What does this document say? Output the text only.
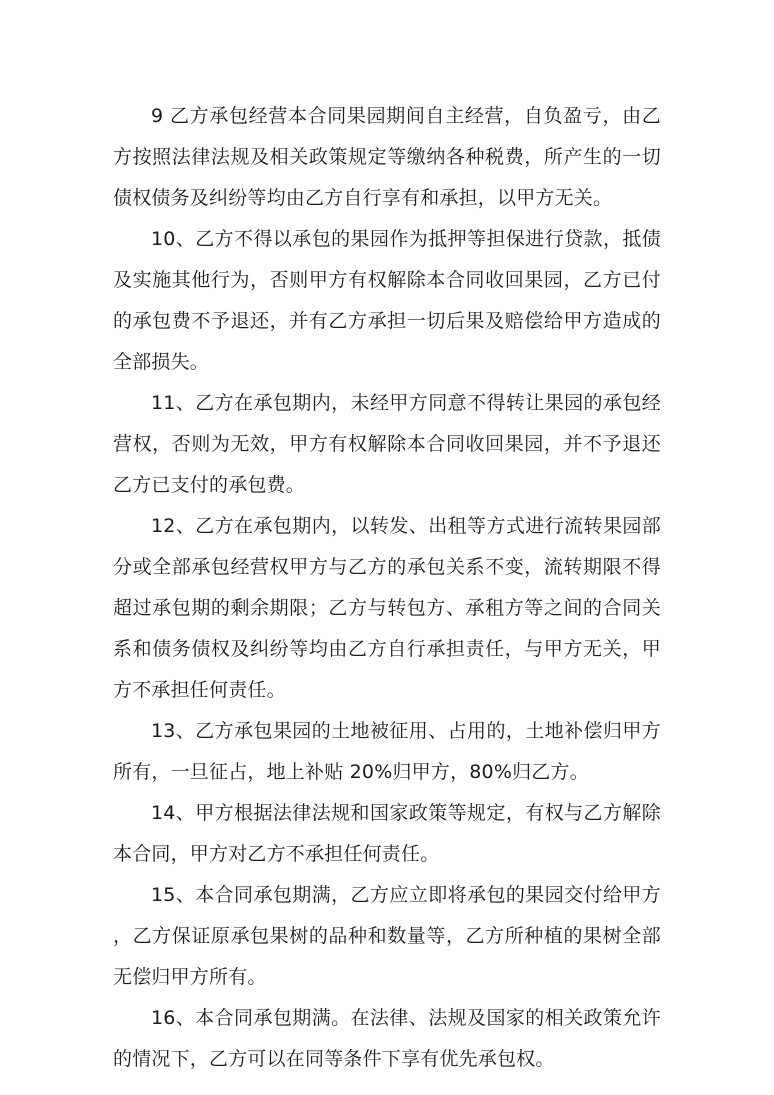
9 乙方承包经营本合同果园期间自主经营，自负盈亏，由乙方按照法律法规及相关政策规定等缴纳各种税费，所产生的一切债权债务及纠纷等均由乙方自行享有和承担，以甲方无关。

10、乙方不得以承包的果园作为抵押等担保进行贷款，抵债及实施其他行为，否则甲方有权解除本合同收回果园，乙方已付的承包费不予退还，并有乙方承担一切后果及赔偿给甲方造成的全部损失。

11、乙方在承包期内，未经甲方同意不得转让果园的承包经营权，否则为无效，甲方有权解除本合同收回果园，并不予退还乙方已支付的承包费。

12、乙方在承包期内，以转发、出租等方式进行流转果园部分或全部承包经营权甲方与乙方的承包关系不变，流转期限不得超过承包期的剩余期限；乙方与转包方、承租方等之间的合同关系和债务债权及纠纷等均由乙方自行承担责任，与甲方无关，甲方不承担任何责任。

13、乙方承包果园的土地被征用、占用的，土地补偿归甲方所有，一旦征占，地上补贴 20%归甲方，80%归乙方。

14、甲方根据法律法规和国家政策等规定，有权与乙方解除本合同，甲方对乙方不承担任何责任。

15、本合同承包期满，乙方应立即将承包的果园交付给甲方，乙方保证原承包果树的品种和数量等，乙方所种植的果树全部无偿归甲方所有。

16、本合同承包期满。在法律、法规及国家的相关政策允许的情况下，乙方可以在同等条件下享有优先承包权。
